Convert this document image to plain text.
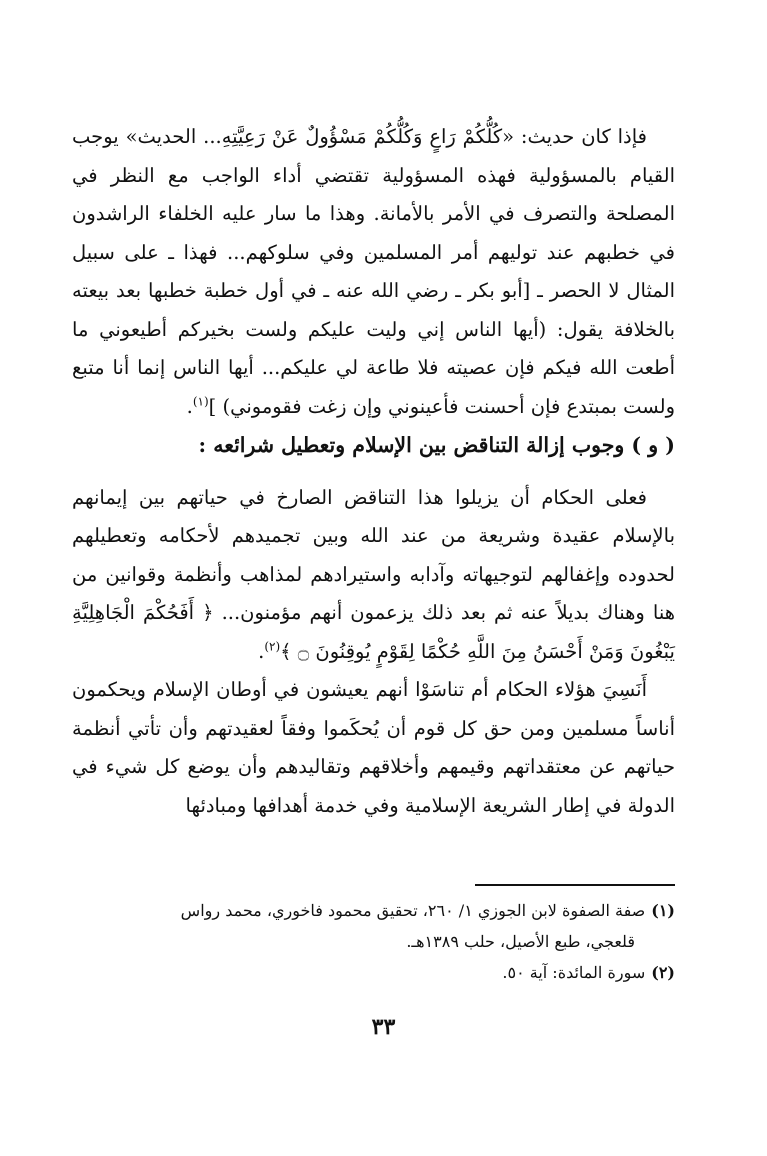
فإذا كان حديث: «كُلُّكُمْ رَاعٍ وَكُلُّكُمْ مَسْؤُولٌ عَنْ رَعِيَّتِهِ... الحديث» يوجب القيام بالمسؤولية فهذه المسؤولية تقتضي أداء الواجب مع النظر في المصلحة والتصرف في الأمر بالأمانة. وهذا ما سار عليه الخلفاء الراشدون في خطبهم عند توليهم أمر المسلمين وفي سلوكهم... فهذا ـ على سبيل المثال لا الحصر ـ [أبو بكر ـ رضي الله عنه ـ في أول خطبة خطبها بعد بيعته بالخلافة يقول: (أيها الناس إني وليت عليكم ولست بخيركم أطيعوني ما أطعت الله فيكم فإن عصيته فلا طاعة لي عليكم... أيها الناس إنما أنا متبع ولست بمبتدع فإن أحسنت فأعينوني وإن زغت فقوموني) ]$^{(١)}$.

( و ) وجوب إزالة التناقض بين الإسلام وتعطيل شرائعه :

فعلى الحكام أن يزيلوا هذا التناقض الصارخ في حياتهم بين إيمانهم بالإسلام عقيدة وشريعة من عند الله وبين تجميدهم لأحكامه وتعطيلهم لحدوده وإغفالهم لتوجيهاته وآدابه واستيرادهم لمذاهب وأنظمة وقوانين من هنا وهناك بديلاً عنه ثم بعد ذلك يزعمون أنهم مؤمنون... ﴿ أَفَحُكْمَ الْجَاهِلِيَّةِ يَبْغُونَ وَمَنْ أَحْسَنُ مِنَ اللَّهِ حُكْمًا لِقَوْمٍ يُوقِنُونَ ۝ ﴾$^{(٢)}$.

أَنَسِيَ هؤلاء الحكام أم تناسَوْا أنهم يعيشون في أوطان الإسلام ويحكمون أناساً مسلمين ومن حق كل قوم أن يُحكَموا وفقاً لعقيدتهم وأن تأتي أنظمة حياتهم عن معتقداتهم وقيمهم وأخلاقهم وتقاليدهم وأن يوضع كل شيء في الدولة في إطار الشريعة الإسلامية وفي خدمة أهدافها ومبادئها

(١)صفة الصفوة لابن الجوزي ١/ ٢٦٠، تحقيق محمود فاخوري، محمد رواس

قلعجي، طبع الأصيل، حلب ١٣٨٩هـ.

(٢)سورة المائدة: آية ٥٠.

٣٣
